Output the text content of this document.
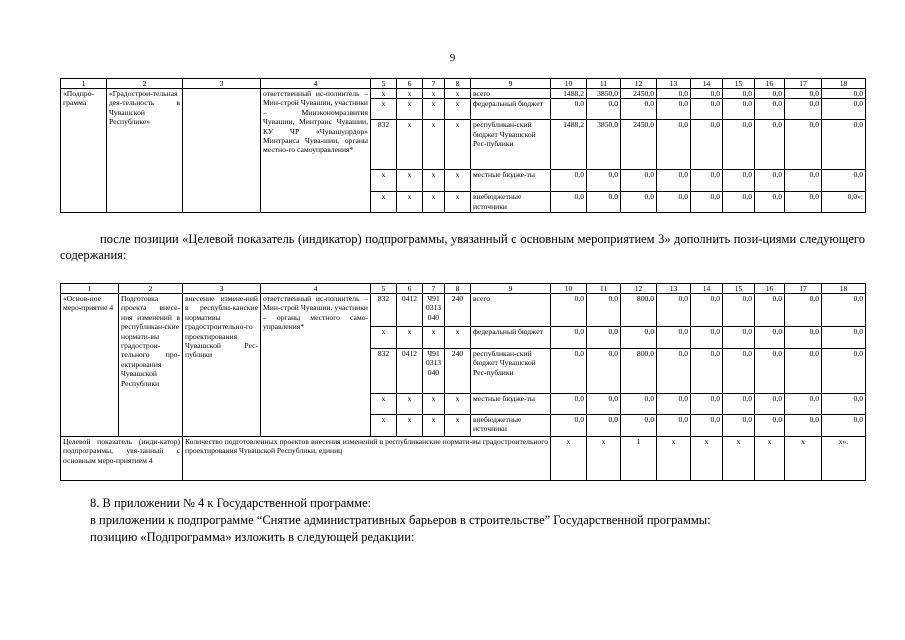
9
1	2	3	4	5	6	7	8	9	10	11	12	13	14	15	16	17	18
«Подпро-грамма	«Градострои-тельная дея-тельность в Чувашской Республике»		ответственный ис-полнитель – Мин-строй Чувашии, участники – Минэкономразвития Чувашии, Минтранс Чувашии, КУ ЧР «Чувашупрдор» Минтранса Чува-шии, органы местно-го самоуправления*	x	x	x	x	всего	1488,2	3850,0	2450,0	0,0	0,0	0,0	0,0	0,0	0,0
				x	x	x	x	федеральный бюджет	0,0	0,0	0,0	0,0	0,0	0,0	0,0	0,0	0,0
				832	x	x	x	республикан-ский бюджет Чувашской Рес-публики	1488,2	3850,0	2450,0	0,0	0,0	0,0	0,0	0,0	0,0
				x	x	x	x	местные бюдже-ты	0,0	0,0	0,0	0,0	0,0	0,0	0,0	0,0	0,0
				x	x	x	x	внебюджетные источники	0,0	0,0	0,0	0,0	0,0	0,0	0,0	0,0	0,0»;

после позиции «Целевой показатель (индикатор) подпрограммы, увязанный с основным мероприятием 3» дополнить пози-циями следующего содержания:

1	2	3	4	5	6	7	8	9	10	11	12	13	14	15	16	17	18
«Основ-ное меро-приятие 4	Подготовка проекта внесе-ния изменений в республикан-ские нормати-вы градострои-тельного про-ектирования Чувашской Республики	внесение измене-ний в республи-канские нормативы градостроительно-го проектирования Чувашской Рес-публики	ответственный ис-полнитель – Мин-строй Чувашии, участники – органы местного само-управления*	832	0412	Ч91 0313 040	240	всего	0,0	0,0	800,0	0,0	0,0	0,0	0,0	0,0	0,0
				x	x	x	x	федеральный бюджет	0,0	0,0	0,0	0,0	0,0	0,0	0,0	0,0	0,0
				832	0412	Ч91 0313 040	240	республикан-ский бюджет Чувашской Рес-публики	0,0	0,0	800,0	0,0	0,0	0,0	0,0	0,0	0,0
				x	x	x	x	местные бюдже-ты	0,0	0,0	0,0	0,0	0,0	0,0	0,0	0,0	0,0
				x	x	x	x	внебюджетные источники	0,0	0,0	0,0	0,0	0,0	0,0	0,0	0,0	0,0
Целевой показатель (инди-катор) подпрограммы, увя-занный с основным меро-приятием 4		Количество подготовленных проектов внесения изменений в республиканские нормати-вы градостроительного проектирования Чувашской Республики, единиц							x	x	1	x	x	x	x	x	x».

8. В приложении № 4 к Государственной программе:

в приложении к подпрограмме “Снятие административных барьеров в строительстве” Государственной программы:

позицию «Подпрограмма» изложить в следующей редакции:
